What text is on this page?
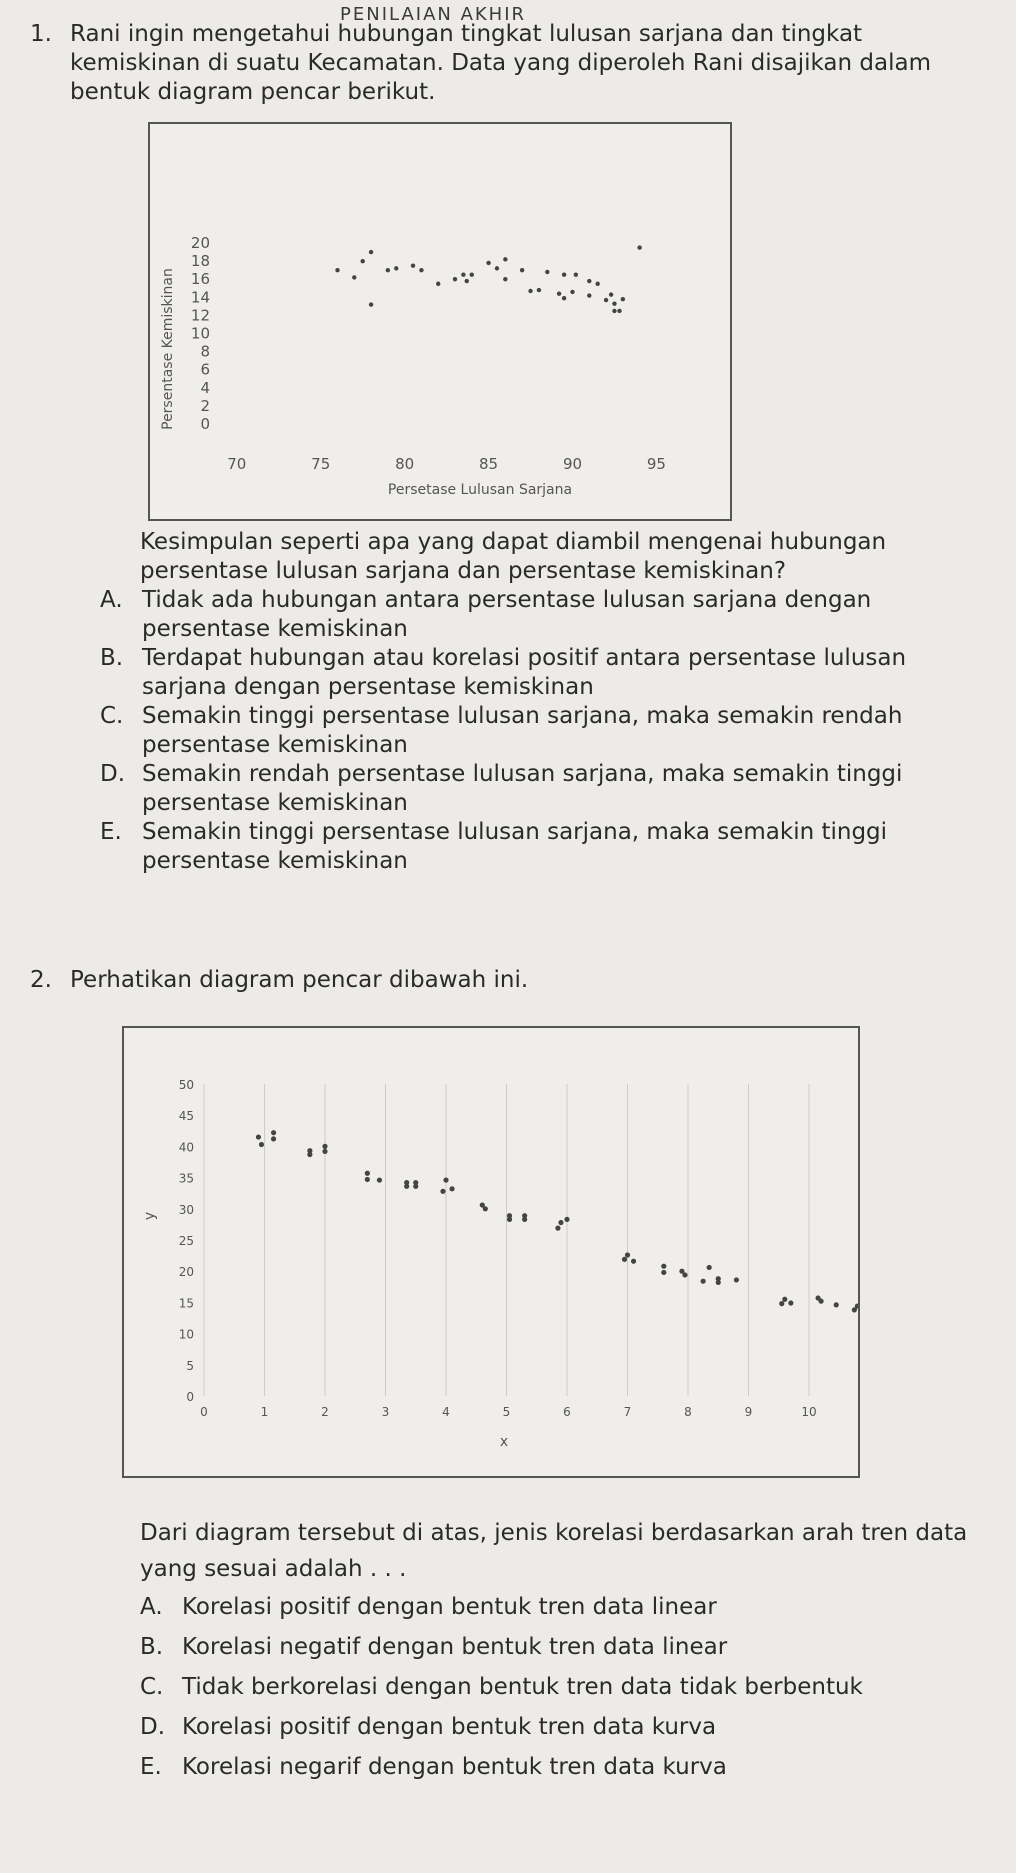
PENILAIAN AKHIR
1. Rani ingin mengetahui hubungan tingkat lulusan sarjana dan tingkat kemiskinan di suatu Kecamatan. Data yang diperoleh Rani disajikan dalam bentuk diagram pencar berikut.
0
2
4
6
8
10
12
14
16
18
20
70	75	80	85	90	95
Persetase Lulusan Sarjana
Persentase Kemiskinan
Kesimpulan seperti apa yang dapat diambil mengenai hubungan persentase lulusan sarjana dan persentase kemiskinan?
A. Tidak ada hubungan antara persentase lulusan sarjana dengan persentase kemiskinan
B. Terdapat hubungan atau korelasi positif antara persentase lulusan sarjana dengan persentase kemiskinan
C. Semakin tinggi persentase lulusan sarjana, maka semakin rendah persentase kemiskinan
D. Semakin rendah persentase lulusan sarjana, maka semakin tinggi persentase kemiskinan
E. Semakin tinggi persentase lulusan sarjana, maka semakin tinggi persentase kemiskinan
2. Perhatikan diagram pencar dibawah ini.
0
5
10
15
20
25
30
35
40
45
50
0	1	2	3	4	5	6	7	8	9	10
x
y
Dari diagram tersebut di atas, jenis korelasi berdasarkan arah tren data yang sesuai adalah . . .
A. Korelasi positif dengan bentuk tren data linear
B. Korelasi negatif dengan bentuk tren data linear
C. Tidak berkorelasi dengan bentuk tren data tidak berbentuk
D. Korelasi positif dengan bentuk tren data kurva
E. Korelasi negarif dengan bentuk tren data kurva
